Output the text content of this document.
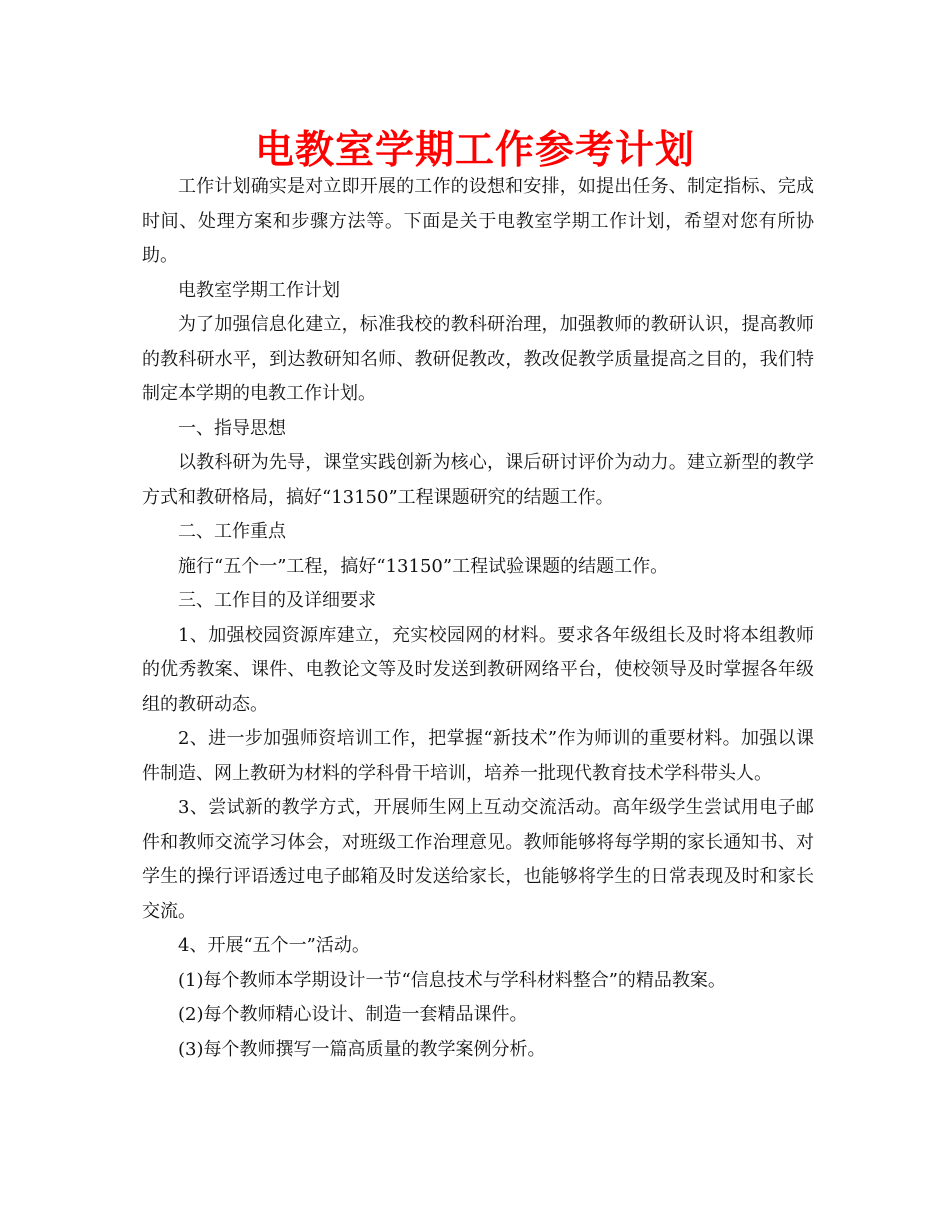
电教室学期工作参考计划

工作计划确实是对立即开展的工作的设想和安排，如提出任务、制定指标、完成时间、处理方案和步骤方法等。下面是关于电教室学期工作计划，希望对您有所协助。

电教室学期工作计划

为了加强信息化建立，标准我校的教科研治理，加强教师的教研认识，提高教师的教科研水平，到达教研知名师、教研促教改，教改促教学质量提高之目的，我们特制定本学期的电教工作计划。

一、指导思想

以教科研为先导，课堂实践创新为核心，课后研讨评价为动力。建立新型的教学方式和教研格局，搞好“13150”工程课题研究的结题工作。

二、工作重点

施行“五个一”工程，搞好“13150”工程试验课题的结题工作。

三、工作目的及详细要求

1、加强校园资源库建立，充实校园网的材料。要求各年级组长及时将本组教师的优秀教案、课件、电教论文等及时发送到教研网络平台，使校领导及时掌握各年级组的教研动态。

2、进一步加强师资培训工作，把掌握“新技术”作为师训的重要材料。加强以课件制造、网上教研为材料的学科骨干培训，培养一批现代教育技术学科带头人。

3、尝试新的教学方式，开展师生网上互动交流活动。高年级学生尝试用电子邮件和教师交流学习体会，对班级工作治理意见。教师能够将每学期的家长通知书、对学生的操行评语透过电子邮箱及时发送给家长，也能够将学生的日常表现及时和家长交流。

4、开展“五个一”活动。

(1)每个教师本学期设计一节“信息技术与学科材料整合”的精品教案。

(2)每个教师精心设计、制造一套精品课件。

(3)每个教师撰写一篇高质量的教学案例分析。
